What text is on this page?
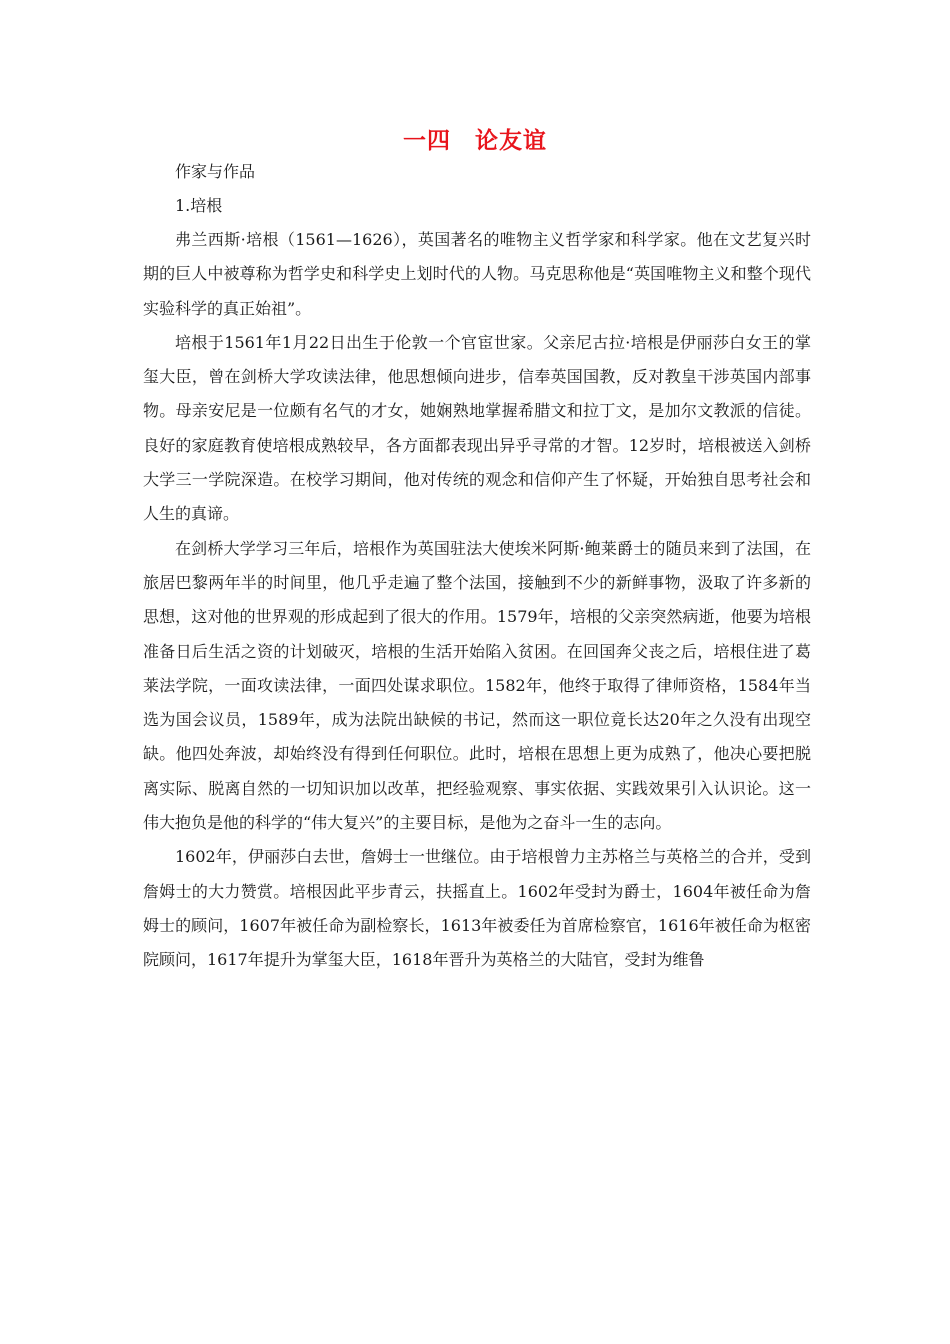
一四　论友谊

作家与作品

1.培根

弗兰西斯·培根（1561—1626），英国著名的唯物主义哲学家和科学家。他在文艺复兴时期的巨人中被尊称为哲学史和科学史上划时代的人物。马克思称他是“英国唯物主义和整个现代实验科学的真正始祖”。

培根于1561年1月22日出生于伦敦一个官宦世家。父亲尼古拉·培根是伊丽莎白女王的掌玺大臣，曾在剑桥大学攻读法律，他思想倾向进步，信奉英国国教，反对教皇干涉英国内部事物。母亲安尼是一位颇有名气的才女，她娴熟地掌握希腊文和拉丁文，是加尔文教派的信徒。良好的家庭教育使培根成熟较早，各方面都表现出异乎寻常的才智。12岁时，培根被送入剑桥大学三一学院深造。在校学习期间，他对传统的观念和信仰产生了怀疑，开始独自思考社会和人生的真谛。

在剑桥大学学习三年后，培根作为英国驻法大使埃米阿斯·鲍莱爵士的随员来到了法国，在旅居巴黎两年半的时间里，他几乎走遍了整个法国，接触到不少的新鲜事物，汲取了许多新的思想，这对他的世界观的形成起到了很大的作用。1579年，培根的父亲突然病逝，他要为培根准备日后生活之资的计划破灭，培根的生活开始陷入贫困。在回国奔父丧之后，培根住进了葛莱法学院，一面攻读法律，一面四处谋求职位。1582年，他终于取得了律师资格，1584年当选为国会议员，1589年，成为法院出缺候的书记，然而这一职位竟长达20年之久没有出现空缺。他四处奔波，却始终没有得到任何职位。此时，培根在思想上更为成熟了，他决心要把脱离实际、脱离自然的一切知识加以改革，把经验观察、事实依据、实践效果引入认识论。这一伟大抱负是他的科学的“伟大复兴”的主要目标，是他为之奋斗一生的志向。

1602年，伊丽莎白去世，詹姆士一世继位。由于培根曾力主苏格兰与英格兰的合并，受到詹姆士的大力赞赏。培根因此平步青云，扶摇直上。1602年受封为爵士，1604年被任命为詹姆士的顾问，1607年被任命为副检察长，1613年被委任为首席检察官，1616年被任命为枢密院顾问，1617年提升为掌玺大臣，1618年晋升为英格兰的大陆官，受封为维鲁
